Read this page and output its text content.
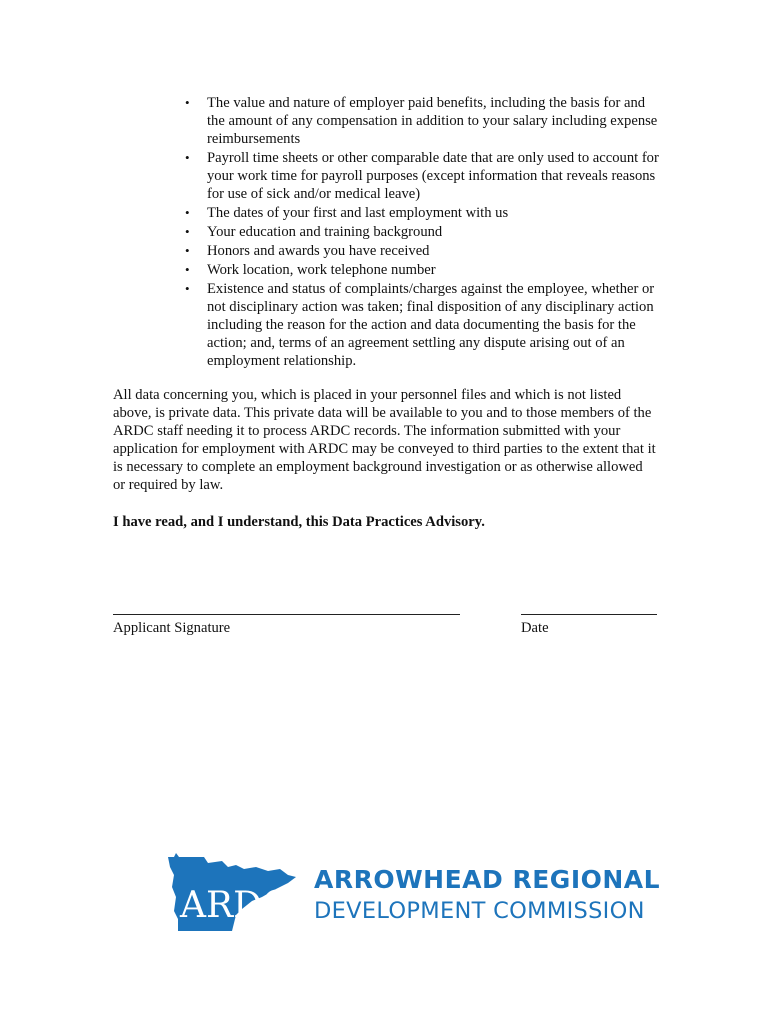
• The value and nature of employer paid benefits, including the basis for and the amount of any compensation in addition to your salary including expense reimbursements
• Payroll time sheets or other comparable date that are only used to account for your work time for payroll purposes (except information that reveals reasons for use of sick and/or medical leave)
• The dates of your first and last employment with us
• Your education and training background
• Honors and awards you have received
• Work location, work telephone number
• Existence and status of complaints/charges against the employee, whether or not disciplinary action was taken; final disposition of any disciplinary action including the reason for the action and data documenting the basis for the action; and, terms of an agreement settling any dispute arising out of an employment relationship.

All data concerning you, which is placed in your personnel files and which is not listed above, is private data. This private data will be available to you and to those members of the ARDC staff needing it to process ARDC records. The information submitted with your application for employment with ARDC may be conveyed to third parties to the extent that it is necessary to complete an employment background investigation or as otherwise allowed or required by law.

I have read, and I understand, this Data Practices Advisory.

Applicant Signature	Date
ARDC
ARROWHEAD REGIONAL
DEVELOPMENT COMMISSION
